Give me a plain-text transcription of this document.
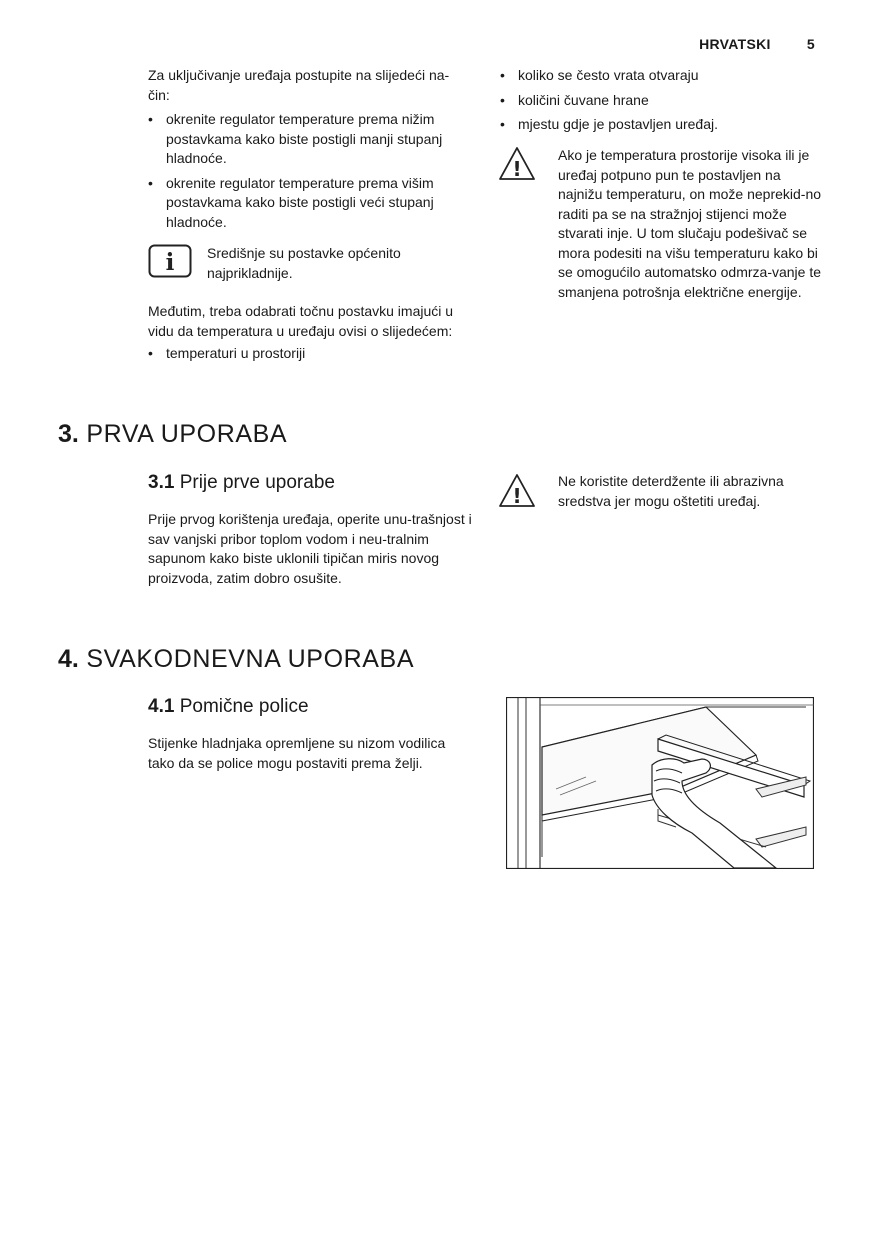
HRVATSKI	5

Za uključivanje uređaja postupite na slijedeći na-čin:

• okrenite regulator temperature prema nižim postavkama kako biste postigli manji stupanj hladnoće.
• okrenite regulator temperature prema višim postavkama kako biste postigli veći stupanj hladnoće.
i Središnje su postavke općenito najprikladnije.

Međutim, treba odabrati točnu postavku imajući u vidu da temperatura u uređaju ovisi o slijedećem:

• temperaturi u prostoriji
• koliko se često vrata otvaraju
• količini čuvane hrane
• mjestu gdje je postavljen uređaj.
!

Ako je temperatura prostorije visoka ili je uređaj potpuno pun te postavljen na najnižu temperaturu, on može neprekid-no raditi pa se na stražnjoj stijenci može stvarati inje. U tom slučaju podešivač se mora podesiti na višu temperaturu kako bi se omogućilo automatsko odmrza-vanje te smanjena potrošnja električne energije.

3. PRVA UPORABA
3.1 Prije prve uporabe

Prije prvog korištenja uređaja, operite unu-trašnjost i sav vanjski pribor toplom vodom i neu-tralnim sapunom kako biste uklonili tipičan miris novog proizvoda, zatim dobro osušite.

!

Ne koristite deterdžente ili abrazivna sredstva jer mogu oštetiti uređaj.

4. SVAKODNEVNA UPORABA
4.1 Pomične police

Stijenke hladnjaka opremljene su nizom vodilica tako da se police mogu postaviti prema želji.
